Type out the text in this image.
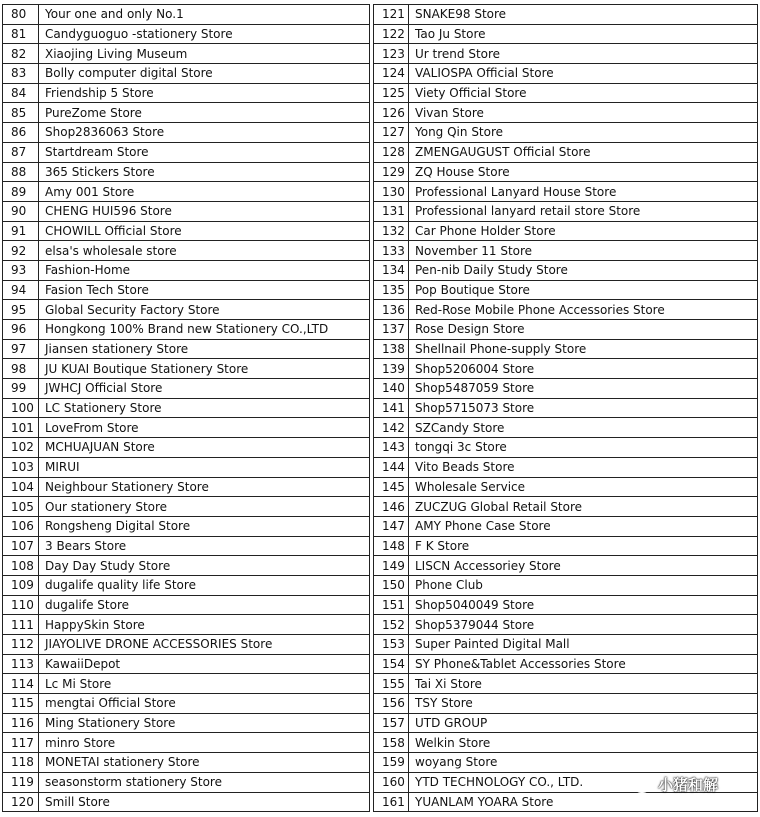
80	Your one and only No.1
81	Candyguoguo -stationery Store
82	Xiaojing Living Museum
83	Bolly computer digital Store
84	Friendship 5 Store
85	PureZome Store
86	Shop2836063 Store
87	Startdream Store
88	365 Stickers Store
89	Amy 001 Store
90	CHENG HUI596 Store
91	CHOWILL Official Store
92	elsa's wholesale store
93	Fashion-Home
94	Fasion Tech Store
95	Global Security Factory Store
96	Hongkong 100% Brand new Stationery CO.,LTD
97	Jiansen stationery Store
98	JU KUAI Boutique Stationery Store
99	JWHCJ Official Store
100	LC Stationery Store
101	LoveFrom Store
102	MCHUAJUAN Store
103	MIRUI
104	Neighbour Stationery Store
105	Our stationery Store
106	Rongsheng Digital Store
107	3 Bears Store
108	Day Day Study Store
109	dugalife quality life Store
110	dugalife Store
111	HappySkin Store
112	JIAYOLIVE DRONE ACCESSORIES Store
113	KawaiiDepot
114	Lc Mi Store
115	mengtai Official Store
116	Ming Stationery Store
117	minro Store
118	MONETAI stationery Store
119	seasonstorm stationery Store
120	Smill Store
121	SNAKE98 Store
122	Tao Ju Store
123	Ur trend Store
124	VALIOSPA Official Store
125	Viety Official Store
126	Vivan Store
127	Yong Qin Store
128	ZMENGAUGUST Official Store
129	ZQ House Store
130	Professional Lanyard House Store
131	Professional lanyard retail store Store
132	Car Phone Holder Store
133	November 11 Store
134	Pen-nib Daily Study Store
135	Pop Boutique Store
136	Red-Rose Mobile Phone Accessories Store
137	Rose Design Store
138	Shellnail Phone-supply Store
139	Shop5206004 Store
140	Shop5487059 Store
141	Shop5715073 Store
142	SZCandy Store
143	tongqi 3c Store
144	Vito Beads Store
145	Wholesale Service
146	ZUCZUG Global Retail Store
147	AMY Phone Case Store
148	F K Store
149	LISCN Accessoriey Store
150	Phone Club
151	Shop5040049 Store
152	Shop5379044 Store
153	Super Painted Digital Mall
154	SY Phone&Tablet Accessories Store
155	Tai Xi Store
156	TSY Store
157	UTD GROUP
158	Welkin Store
159	woyang Store
160	YTD TECHNOLOGY CO., LTD.
161	YUANLAM YOARA Store
小猪和解
